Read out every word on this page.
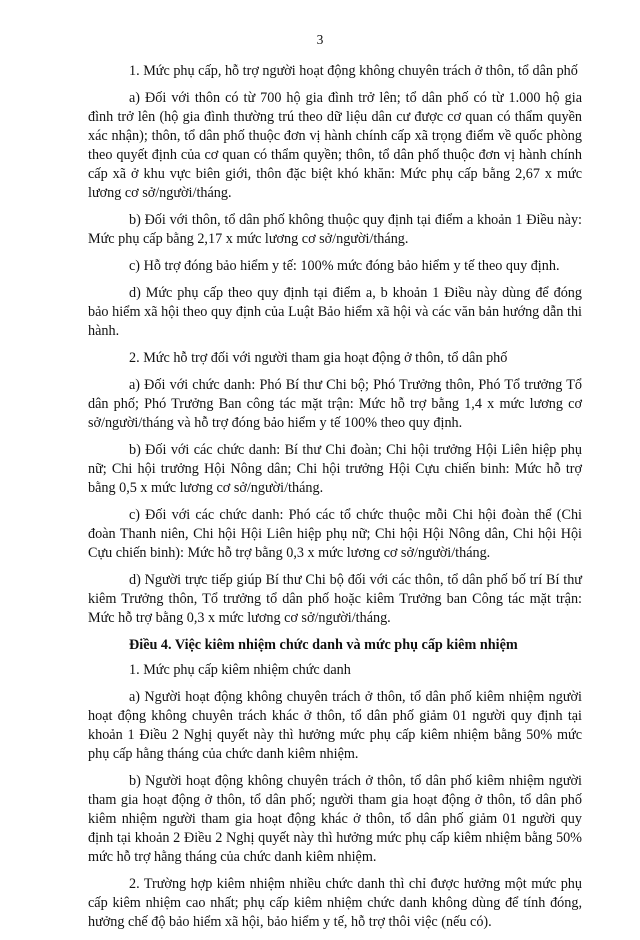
3

1. Mức phụ cấp, hỗ trợ người hoạt động không chuyên trách ở thôn, tổ dân phố

a) Đối với thôn có từ 700 hộ gia đình trở lên; tổ dân phố có từ 1.000 hộ gia đình trở lên (hộ gia đình thường trú theo dữ liệu dân cư được cơ quan có thẩm quyền xác nhận); thôn, tổ dân phố thuộc đơn vị hành chính cấp xã trọng điểm về quốc phòng theo quyết định của cơ quan có thẩm quyền; thôn, tổ dân phố thuộc đơn vị hành chính cấp xã ở khu vực biên giới, thôn đặc biệt khó khăn: Mức phụ cấp bằng 2,67 x mức lương cơ sở/người/tháng.

b) Đối với thôn, tổ dân phố không thuộc quy định tại điểm a khoản 1 Điều này: Mức phụ cấp bằng 2,17 x mức lương cơ sở/người/tháng.

c) Hỗ trợ đóng bảo hiểm y tế: 100% mức đóng bảo hiểm y tế theo quy định.

d) Mức phụ cấp theo quy định tại điểm a, b khoản 1 Điều này dùng để đóng bảo hiểm xã hội theo quy định của Luật Bảo hiểm xã hội và các văn bản hướng dẫn thi hành.

2. Mức hỗ trợ đối với người tham gia hoạt động ở thôn, tổ dân phố

a) Đối với chức danh: Phó Bí thư Chi bộ; Phó Trưởng thôn, Phó Tổ trưởng Tổ dân phố; Phó Trưởng Ban công tác mặt trận: Mức hỗ trợ bằng 1,4 x mức lương cơ sở/người/tháng và hỗ trợ đóng bảo hiểm y tế 100% theo quy định.

b) Đối với các chức danh: Bí thư Chi đoàn; Chi hội trưởng Hội Liên hiệp phụ nữ; Chi hội trưởng Hội Nông dân; Chi hội trưởng Hội Cựu chiến binh: Mức hỗ trợ bằng 0,5 x mức lương cơ sở/người/tháng.

c) Đối với các chức danh: Phó các tổ chức thuộc mỗi Chi hội đoàn thể (Chi đoàn Thanh niên, Chi hội Hội Liên hiệp phụ nữ; Chi hội Hội Nông dân, Chi hội Hội Cựu chiến binh): Mức hỗ trợ bằng 0,3 x mức lương cơ sở/người/tháng.

d) Người trực tiếp giúp Bí thư Chi bộ đối với các thôn, tổ dân phố bố trí Bí thư kiêm Trưởng thôn, Tổ trưởng tổ dân phố hoặc kiêm Trưởng ban Công tác mặt trận: Mức hỗ trợ bằng 0,3 x mức lương cơ sở/người/tháng.

Điều 4. Việc kiêm nhiệm chức danh và mức phụ cấp kiêm nhiệm

1. Mức phụ cấp kiêm nhiệm chức danh

a) Người hoạt động không chuyên trách ở thôn, tổ dân phố kiêm nhiệm người hoạt động không chuyên trách khác ở thôn, tổ dân phố giảm 01 người quy định tại khoản 1 Điều 2 Nghị quyết này thì hưởng mức phụ cấp kiêm nhiệm bằng 50% mức phụ cấp hằng tháng của chức danh kiêm nhiệm.

b) Người hoạt động không chuyên trách ở thôn, tổ dân phố kiêm nhiệm người tham gia hoạt động ở thôn, tổ dân phố; người tham gia hoạt động ở thôn, tổ dân phố kiêm nhiệm người tham gia hoạt động khác ở thôn, tổ dân phố giảm 01 người quy định tại khoản 2 Điều 2 Nghị quyết này thì hưởng mức phụ cấp kiêm nhiệm bằng 50% mức hỗ trợ hằng tháng của chức danh kiêm nhiệm.

2. Trường hợp kiêm nhiệm nhiều chức danh thì chỉ được hưởng một mức phụ cấp kiêm nhiệm cao nhất; phụ cấp kiêm nhiệm chức danh không dùng để tính đóng, hưởng chế độ bảo hiểm xã hội, bảo hiểm y tế, hỗ trợ thôi việc (nếu có).
